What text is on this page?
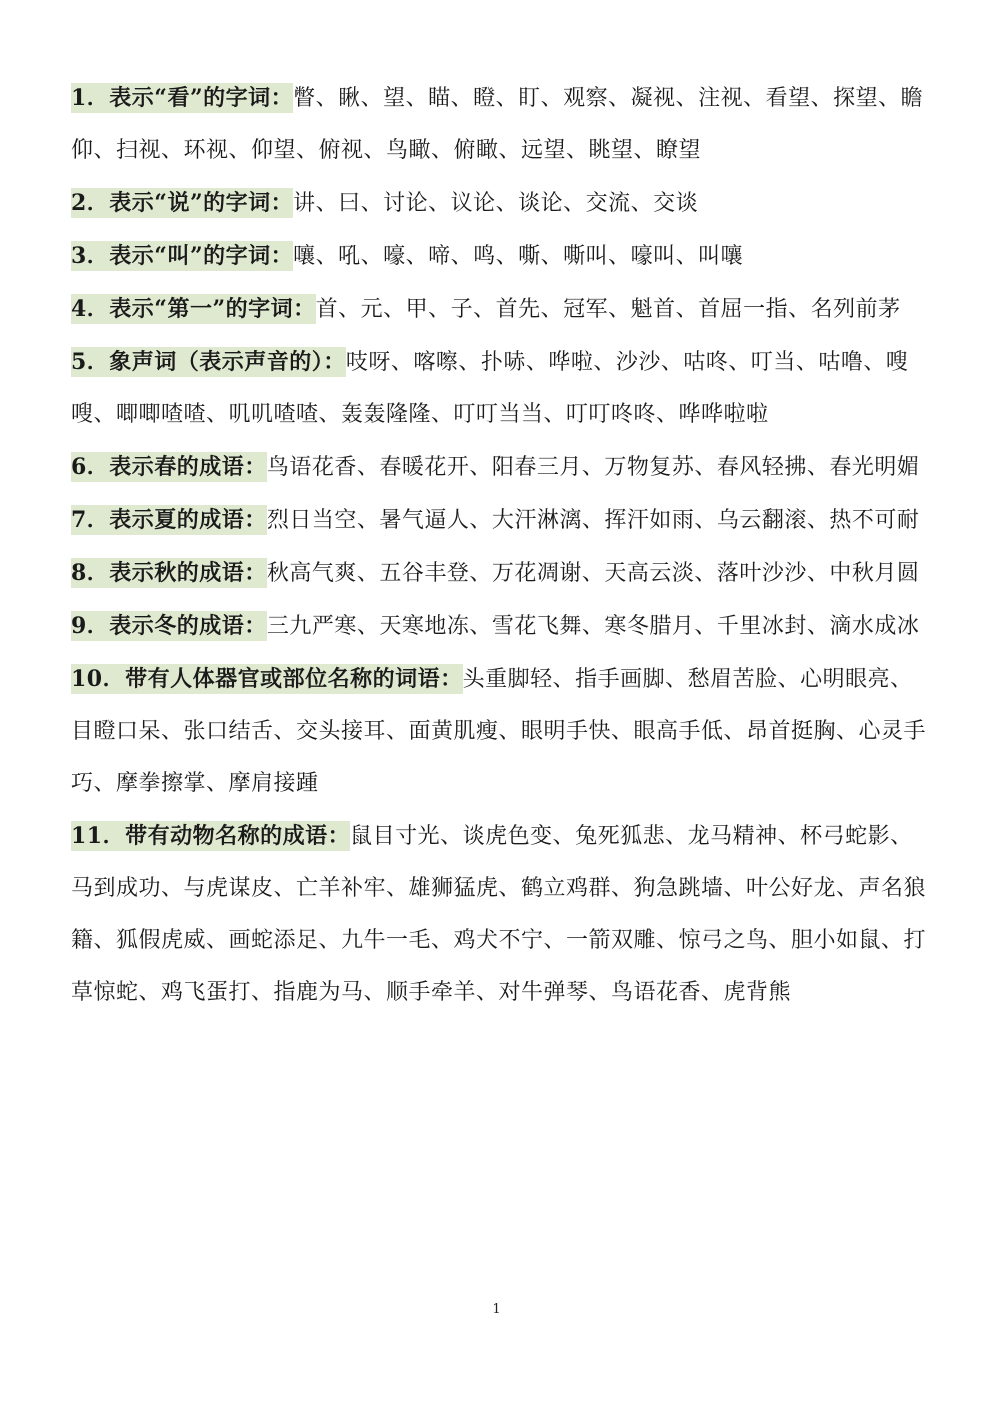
1．表示“看”的字词：瞥、瞅、望、瞄、瞪、盯、观察、凝视、注视、看望、探望、瞻仰、扫视、环视、仰望、俯视、鸟瞰、俯瞰、远望、眺望、瞭望
2．表示“说”的字词：讲、曰、讨论、议论、谈论、交流、交谈
3．表示“叫”的字词：嚷、吼、嚎、啼、鸣、嘶、嘶叫、嚎叫、叫嚷
4．表示“第一”的字词：首、元、甲、子、首先、冠军、魁首、首屈一指、名列前茅
5．象声词（表示声音的）：吱呀、喀嚓、扑哧、哗啦、沙沙、咕咚、叮当、咕噜、嗖嗖、唧唧喳喳、叽叽喳喳、轰轰隆隆、叮叮当当、叮叮咚咚、哗哗啦啦
6．表示春的成语：鸟语花香、春暖花开、阳春三月、万物复苏、春风轻拂、春光明媚
7．表示夏的成语：烈日当空、暑气逼人、大汗淋漓、挥汗如雨、乌云翻滚、热不可耐
8．表示秋的成语：秋高气爽、五谷丰登、万花凋谢、天高云淡、落叶沙沙、中秋月圆
9．表示冬的成语：三九严寒、天寒地冻、雪花飞舞、寒冬腊月、千里冰封、滴水成冰
10．带有人体器官或部位名称的词语：头重脚轻、指手画脚、愁眉苦脸、心明眼亮、目瞪口呆、张口结舌、交头接耳、面黄肌瘦、眼明手快、眼高手低、昂首挺胸、心灵手巧、摩拳擦掌、摩肩接踵
11．带有动物名称的成语：鼠目寸光、谈虎色变、兔死狐悲、龙马精神、杯弓蛇影、马到成功、与虎谋皮、亡羊补牢、雄狮猛虎、鹤立鸡群、狗急跳墙、叶公好龙、声名狼籍、狐假虎威、画蛇添足、九牛一毛、鸡犬不宁、一箭双雕、惊弓之鸟、胆小如鼠、打草惊蛇、鸡飞蛋打、指鹿为马、顺手牵羊、对牛弹琴、鸟语花香、虎背熊
1
